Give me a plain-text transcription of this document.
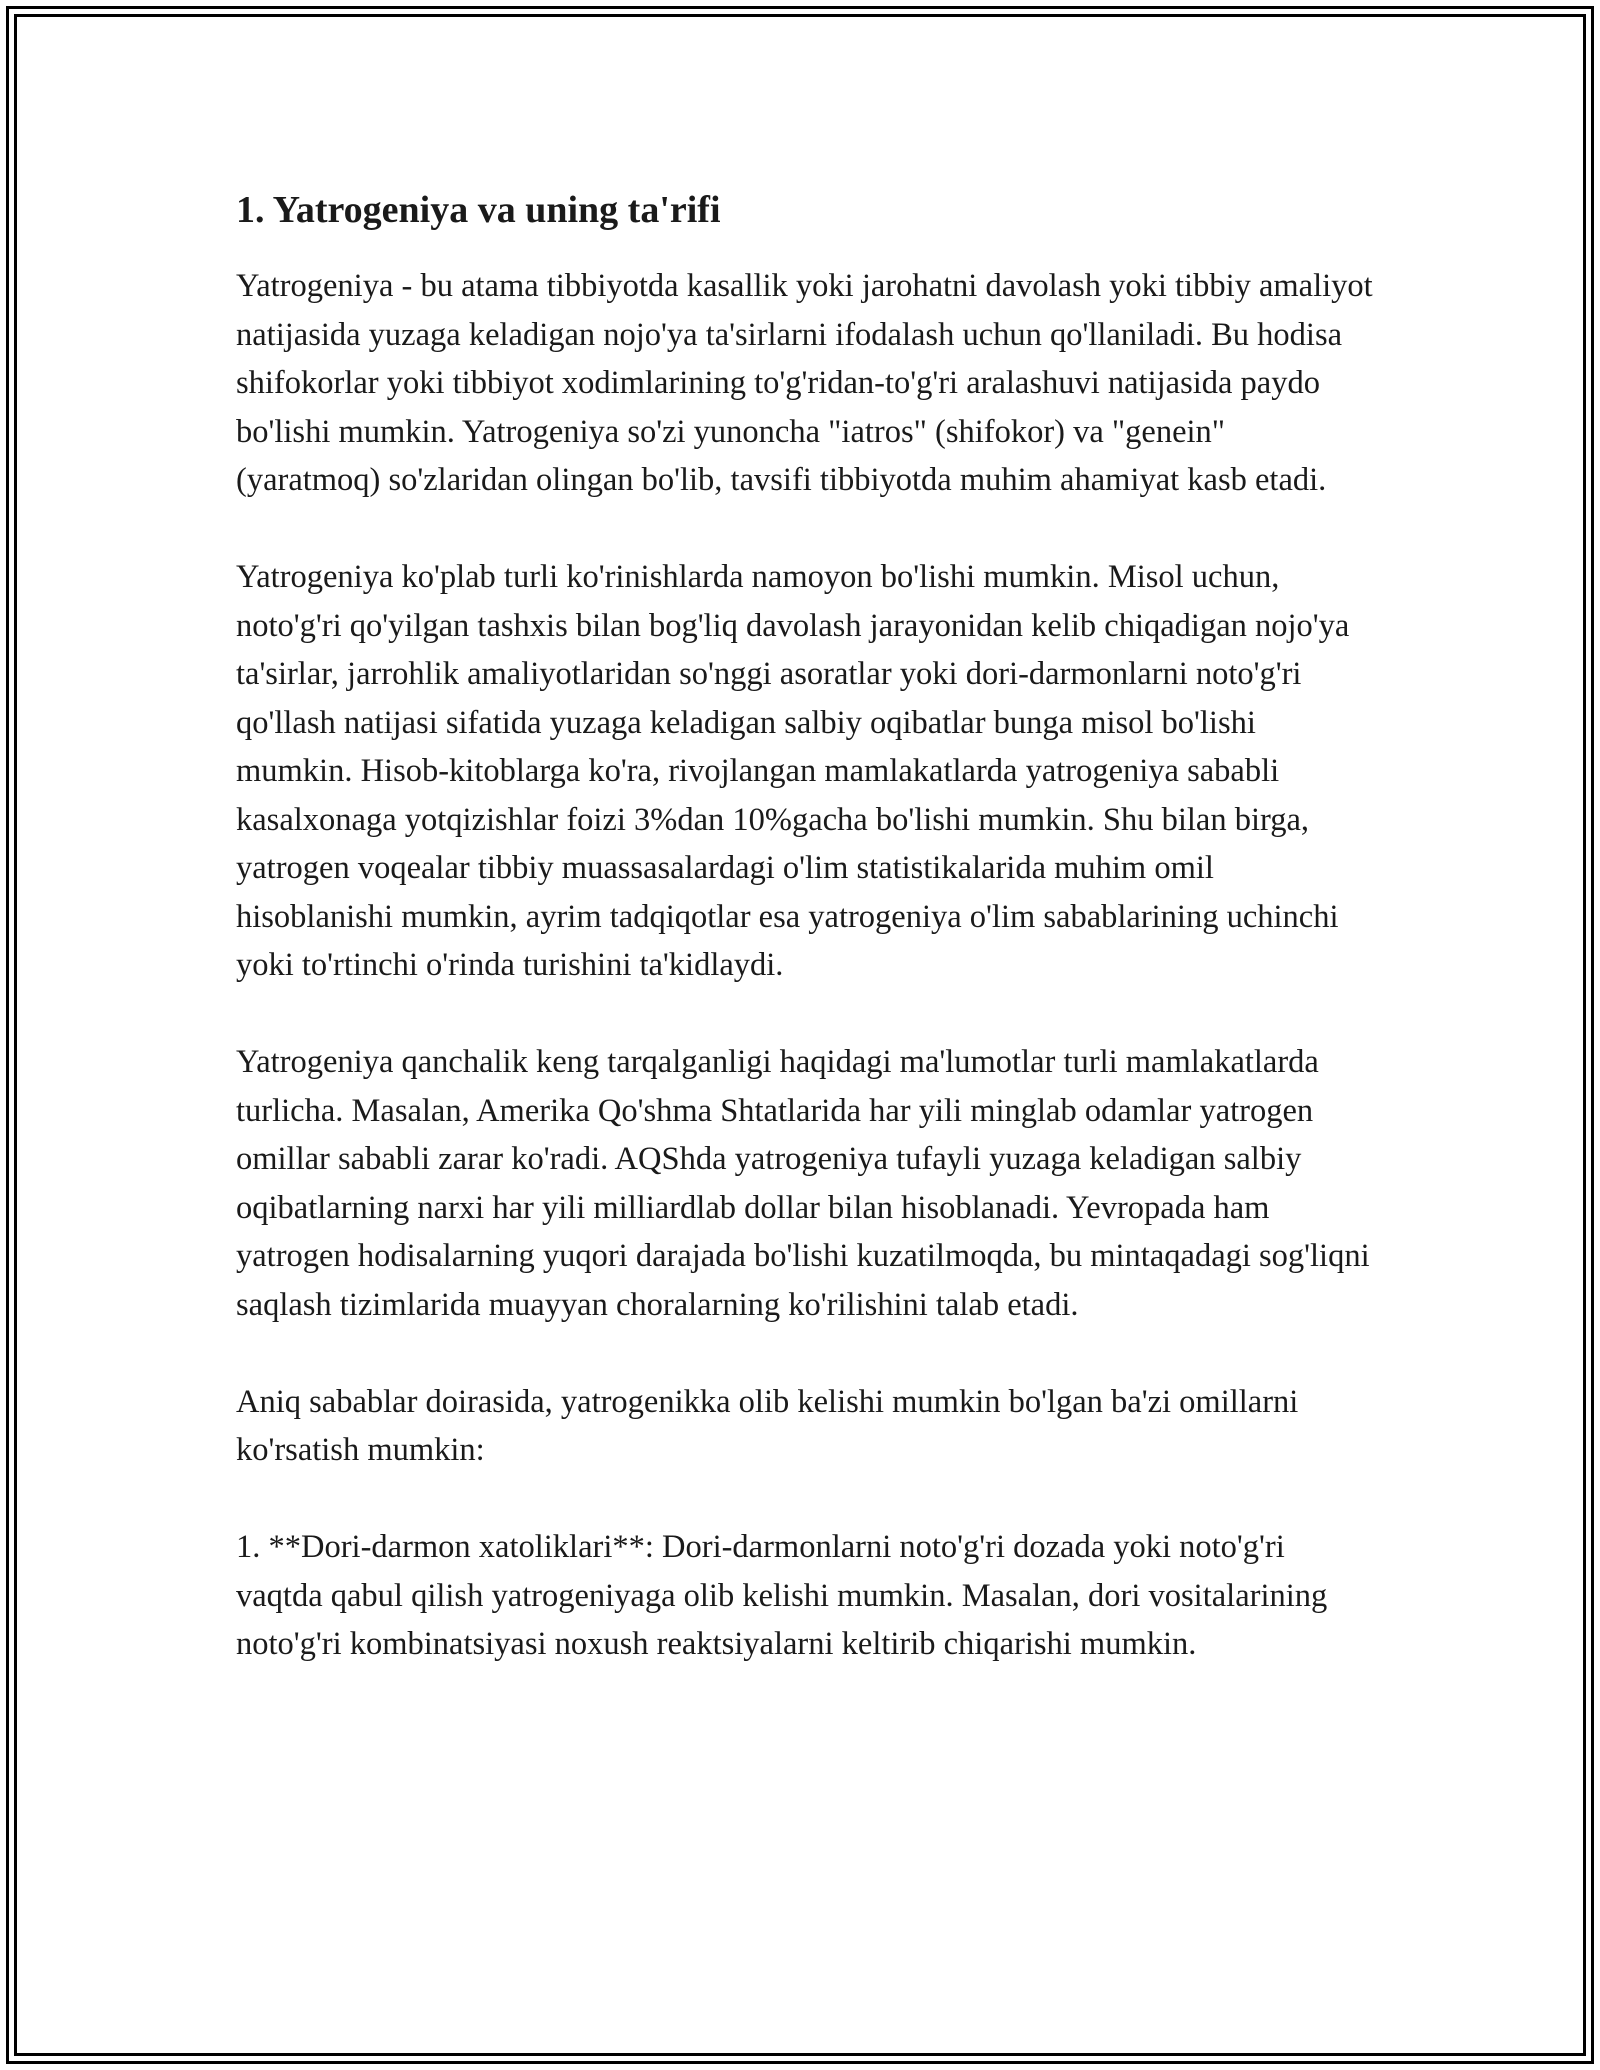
1. Yatrogeniya va uning ta'rifi

Yatrogeniya - bu atama tibbiyotda kasallik yoki jarohatni davolash yoki tibbiy amaliyot natijasida yuzaga keladigan nojo'ya ta'sirlarni ifodalash uchun qo'llaniladi. Bu hodisa shifokorlar yoki tibbiyot xodimlarining to'g'ridan-to'g'ri aralashuvi natijasida paydo bo'lishi mumkin. Yatrogeniya so'zi yunoncha "iatros" (shifokor) va "genein" (yaratmoq) so'zlaridan olingan bo'lib, tavsifi tibbiyotda muhim ahamiyat kasb etadi.

Yatrogeniya ko'plab turli ko'rinishlarda namoyon bo'lishi mumkin. Misol uchun, noto'g'ri qo'yilgan tashxis bilan bog'liq davolash jarayonidan kelib chiqadigan nojo'ya ta'sirlar, jarrohlik amaliyotlaridan so'nggi asoratlar yoki dori-darmonlarni noto'g'ri qo'llash natijasi sifatida yuzaga keladigan salbiy oqibatlar bunga misol bo'lishi mumkin. Hisob-kitoblarga ko'ra, rivojlangan mamlakatlarda yatrogeniya sababli kasalxonaga yotqizishlar foizi 3%dan 10%gacha bo'lishi mumkin. Shu bilan birga, yatrogen voqealar tibbiy muassasalardagi o'lim statistikalarida muhim omil hisoblanishi mumkin, ayrim tadqiqotlar esa yatrogeniya o'lim sabablarining uchinchi yoki to'rtinchi o'rinda turishini ta'kidlaydi.

Yatrogeniya qanchalik keng tarqalganligi haqidagi ma'lumotlar turli mamlakatlarda turlicha. Masalan, Amerika Qo'shma Shtatlarida har yili minglab odamlar yatrogen omillar sababli zarar ko'radi. AQShda yatrogeniya tufayli yuzaga keladigan salbiy oqibatlarning narxi har yili milliardlab dollar bilan hisoblanadi. Yevropada ham yatrogen hodisalarning yuqori darajada bo'lishi kuzatilmoqda, bu mintaqadagi sog'liqni saqlash tizimlarida muayyan choralarning ko'rilishini talab etadi.

Aniq sabablar doirasida, yatrogenikka olib kelishi mumkin bo'lgan ba'zi omillarni ko'rsatish mumkin:

1. **Dori-darmon xatoliklari**: Dori-darmonlarni noto'g'ri dozada yoki noto'g'ri vaqtda qabul qilish yatrogeniyaga olib kelishi mumkin. Masalan, dori vositalarining noto'g'ri kombinatsiyasi noxush reaktsiyalarni keltirib chiqarishi mumkin.
